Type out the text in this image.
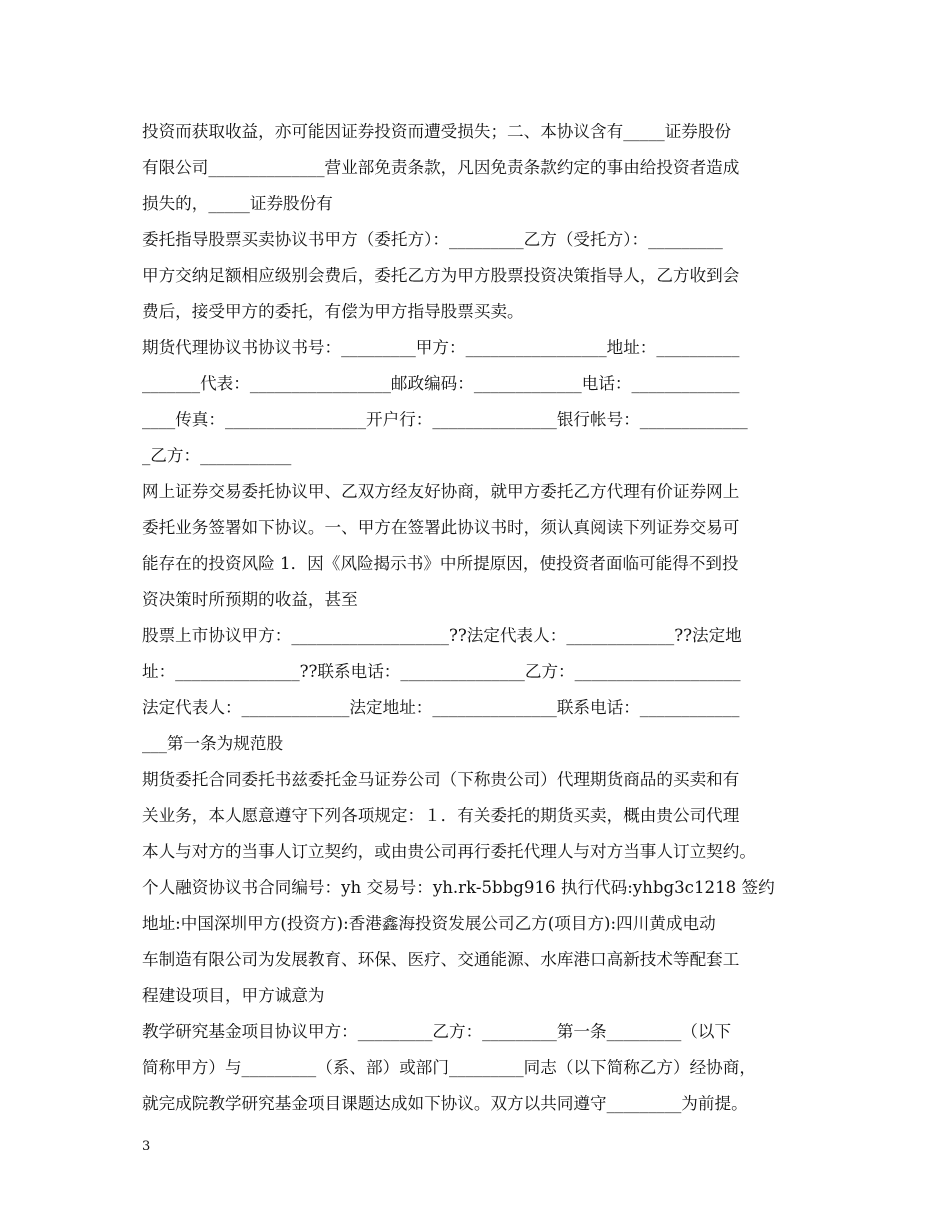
投资而获取收益，亦可能因证券投资而遭受损失；二、本协议含有_____证券股份
有限公司______________营业部免责条款，凡因免责条款约定的事由给投资者造成
损失的，_____证券股份有
委托指导股票买卖协议书甲方（委托方）：_________乙方（受托方）：_________
甲方交纳足额相应级别会费后，委托乙方为甲方股票投资决策指导人，乙方收到会
费后，接受甲方的委托，有偿为甲方指导股票买卖。
期货代理协议书协议书号：_________甲方：_________________地址：__________
_______代表：_________________邮政编码：_____________电话：_____________
____传真：_________________开户行：_______________银行帐号：_____________
_乙方：___________
网上证券交易委托协议甲、乙双方经友好协商，就甲方委托乙方代理有价证券网上
委托业务签署如下协议。一、甲方在签署此协议书时，须认真阅读下列证券交易可
能存在的投资风险 1．因《风险揭示书》中所提原因，使投资者面临可能得不到投
资决策时所预期的收益，甚至
股票上市协议甲方：___________________??法定代表人：_____________??法定地
址：_______________??联系电话：_______________乙方：____________________
法定代表人：_____________法定地址：_______________联系电话：____________
___第一条为规范股
期货委托合同委托书兹委托金马证券公司（下称贵公司）代理期货商品的买卖和有
关业务，本人愿意遵守下列各项规定：１．有关委托的期货买卖，概由贵公司代理
本人与对方的当事人订立契约，或由贵公司再行委托代理人与对方当事人订立契约。
个人融资协议书合同编号：yh 交易号：yh.rk-5bbg916 执行代码:yhbg3c1218 签约
地址:中国深圳甲方(投资方):香港鑫海投资发展公司乙方(项目方):四川黄成电动
车制造有限公司为发展教育、环保、医疗、交通能源、水库港口高新技术等配套工
程建设项目，甲方诚意为
教学研究基金项目协议甲方：_________乙方：_________第一条_________（以下
简称甲方）与_________（系、部）或部门_________同志（以下简称乙方）经协商，
就完成院教学研究基金项目课题达成如下协议。双方以共同遵守_________为前提。
3
